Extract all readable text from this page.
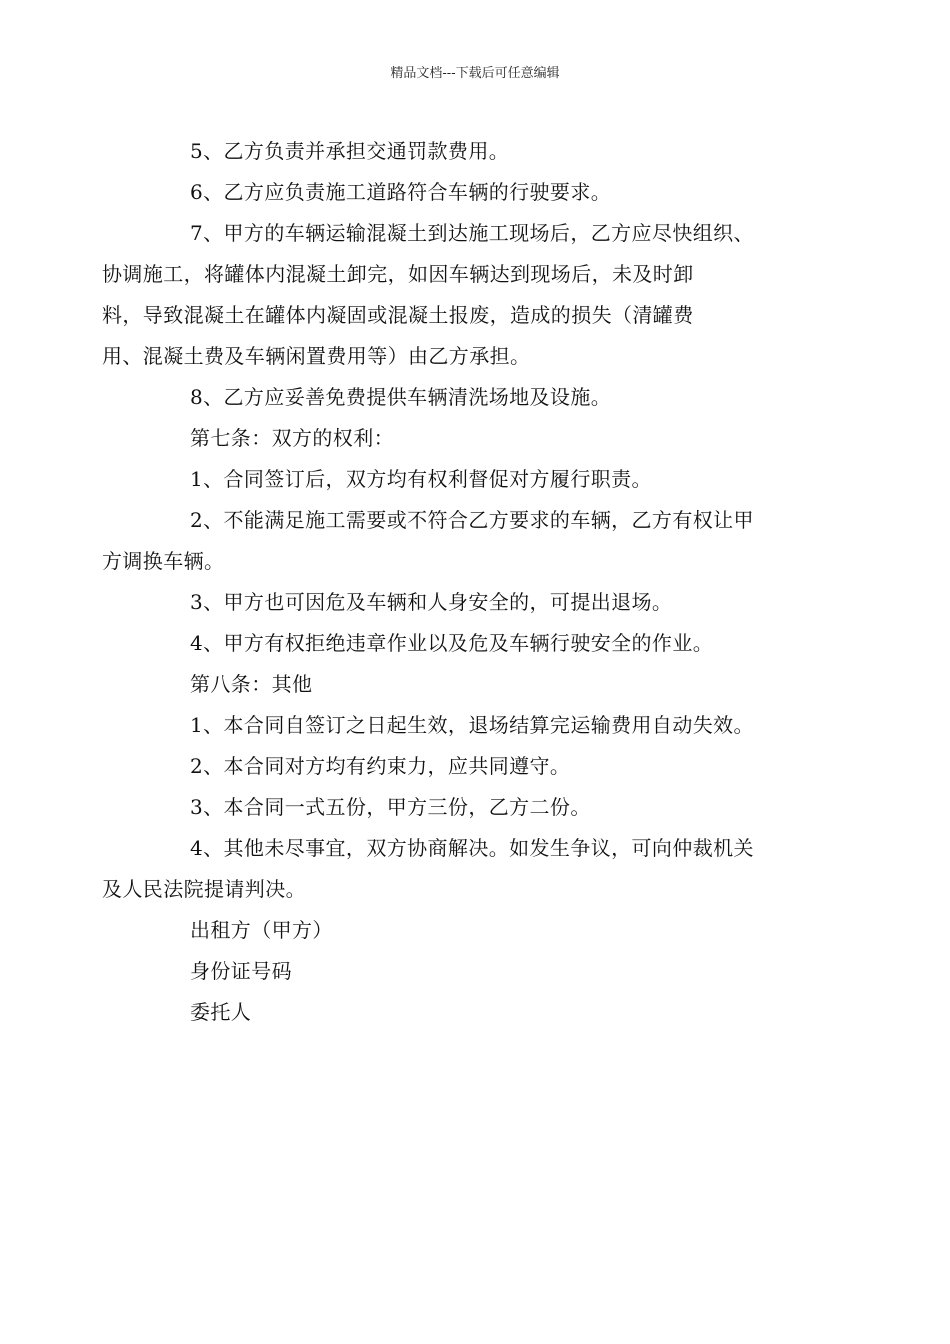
精品文档---下载后可任意编辑

5、乙方负责并承担交通罚款费用。

6、乙方应负责施工道路符合车辆的行驶要求。

7、甲方的车辆运输混凝土到达施工现场后，乙方应尽快组织、
协调施工，将罐体内混凝土卸完，如因车辆达到现场后，未及时卸
料，导致混凝土在罐体内凝固或混凝土报废，造成的损失（清罐费
用、混凝土费及车辆闲置费用等）由乙方承担。

8、乙方应妥善免费提供车辆清洗场地及设施。

第七条：双方的权利：

1、合同签订后，双方均有权利督促对方履行职责。

2、不能满足施工需要或不符合乙方要求的车辆，乙方有权让甲
方调换车辆。

3、甲方也可因危及车辆和人身安全的，可提出退场。

4、甲方有权拒绝违章作业以及危及车辆行驶安全的作业。

第八条：其他

1、本合同自签订之日起生效，退场结算完运输费用自动失效。

2、本合同对方均有约束力，应共同遵守。

3、本合同一式五份，甲方三份，乙方二份。

4、其他未尽事宜，双方协商解决。如发生争议，可向仲裁机关
及人民法院提请判决。

出租方（甲方）

身份证号码

委托人
